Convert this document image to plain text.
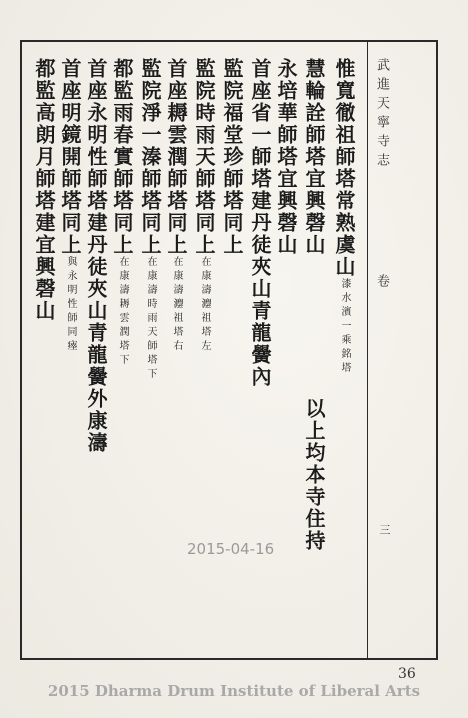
武進天寧寺志  卷
三
惟寬徹祖師塔常熟虞山漆水濱一乘銘塔
慧輪詮師塔宜興磬山
永培華師塔宜興磬山
首座省一師塔建丹徒夾山青龍黌內
監院福堂珍師塔同上
監院時雨天師塔同上在康濤灋祖塔左
首座耨雲潤師塔同上在康濤灋祖塔右
監院淨一溱師塔同上在康濤時雨天師塔下
都監雨春實師塔同上在康濤耨雲潤塔下
首座永明性師塔建丹徒夾山青龍黌外康濤
首座明鏡開師塔同上與永明性師同瘞
都監高朗月師塔建宜興磬山
以上均本寺住持
2015-04-16
36
2015 Dharma Drum Institute of Liberal Arts
